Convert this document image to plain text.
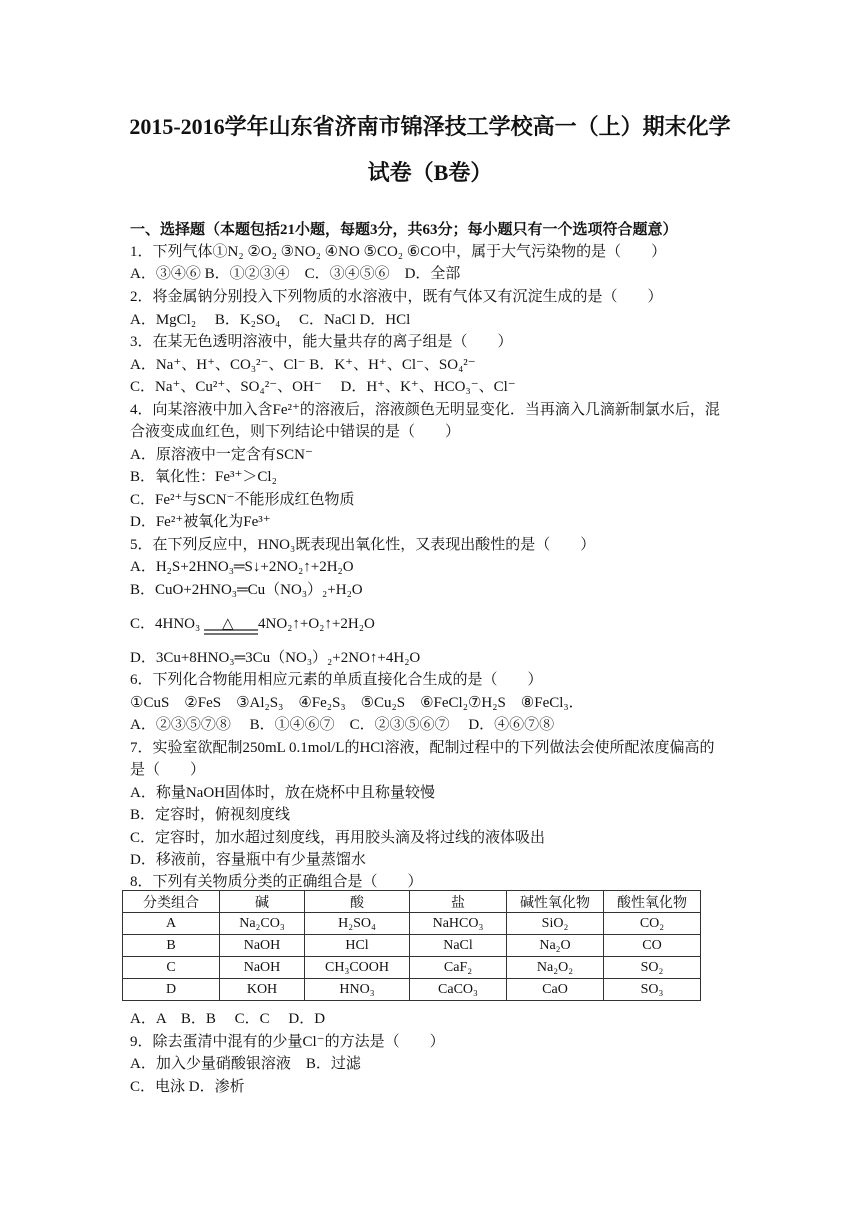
2015-2016学年山东省济南市锦泽技工学校高一（上）期末化学
试卷（B卷）
一、选择题（本题包括21小题，每题3分，共63分；每小题只有一个选项符合题意）
1．下列气体①N₂ ②O₂ ③NO₂ ④NO ⑤CO₂ ⑥CO中，属于大气污染物的是（　　）
A．③④⑥ B．①②③④　C．③④⑤⑥　D．全部
2．将金属钠分别投入下列物质的水溶液中，既有气体又有沉淀生成的是（　　）
A．MgCl₂　 B．K₂SO₄　 C．NaCl D．HCl
3．在某无色透明溶液中，能大量共存的离子组是（　　）
A．Na⁺、H⁺、CO₃²⁻、Cl⁻ B．K⁺、H⁺、Cl⁻、SO₄²⁻
C．Na⁺、Cu²⁺、SO₄²⁻、OH⁻　 D．H⁺、K⁺、HCO₃⁻、Cl⁻
4．向某溶液中加入含Fe²⁺的溶液后，溶液颜色无明显变化．当再滴入几滴新制氯水后，混
合液变成血红色，则下列结论中错误的是（　　）
A．原溶液中一定含有SCN⁻
B．氧化性：Fe³⁺＞Cl₂
C．Fe²⁺与SCN⁻不能形成红色物质
D．Fe²⁺被氧化为Fe³⁺
5．在下列反应中，HNO₃既表现出氧化性，又表现出酸性的是（　　）
A．H₂S+2HNO₃═S↓+2NO₂↑+2H₂O
B．CuO+2HNO₃═Cu（NO₃）₂+H₂O
C．4HNO₃ △ 4NO₂↑+O₂↑+2H₂O
D．3Cu+8HNO₃═3Cu（NO₃）₂+2NO↑+4H₂O
6．下列化合物能用相应元素的单质直接化合生成的是（　　）
①CuS　②FeS　③Al₂S₃　④Fe₂S₃　⑤Cu₂S　⑥FeCl₂⑦H₂S　⑧FeCl₃．
A．②③⑤⑦⑧　 B．①④⑥⑦　C．②③⑤⑥⑦　 D．④⑥⑦⑧
7．实验室欲配制250mL 0.1mol/L的HCl溶液，配制过程中的下列做法会使所配浓度偏高的
是（　　）
A．称量NaOH固体时，放在烧杯中且称量较慢
B．定容时，俯视刻度线
C．定容时，加水超过刻度线，再用胶头滴及将过线的液体吸出
D．移液前，容量瓶中有少量蒸馏水
8．下列有关物质分类的正确组合是（　　）
分类组合	碱	酸	盐	碱性氧化物	酸性氧化物
A	Na₂CO₃	H₂SO₄	NaHCO₃	SiO₂	CO₂
B	NaOH	HCl	NaCl	Na₂O	CO
C	NaOH	CH₃COOH	CaF₂	Na₂O₂	SO₂
D	KOH	HNO₃	CaCO₃	CaO	SO₃
A．A　B．B　 C．C　 D．D
9．除去蛋清中混有的少量Cl⁻的方法是（　　）
A．加入少量硝酸银溶液　B．过滤
C．电泳 D．渗析
